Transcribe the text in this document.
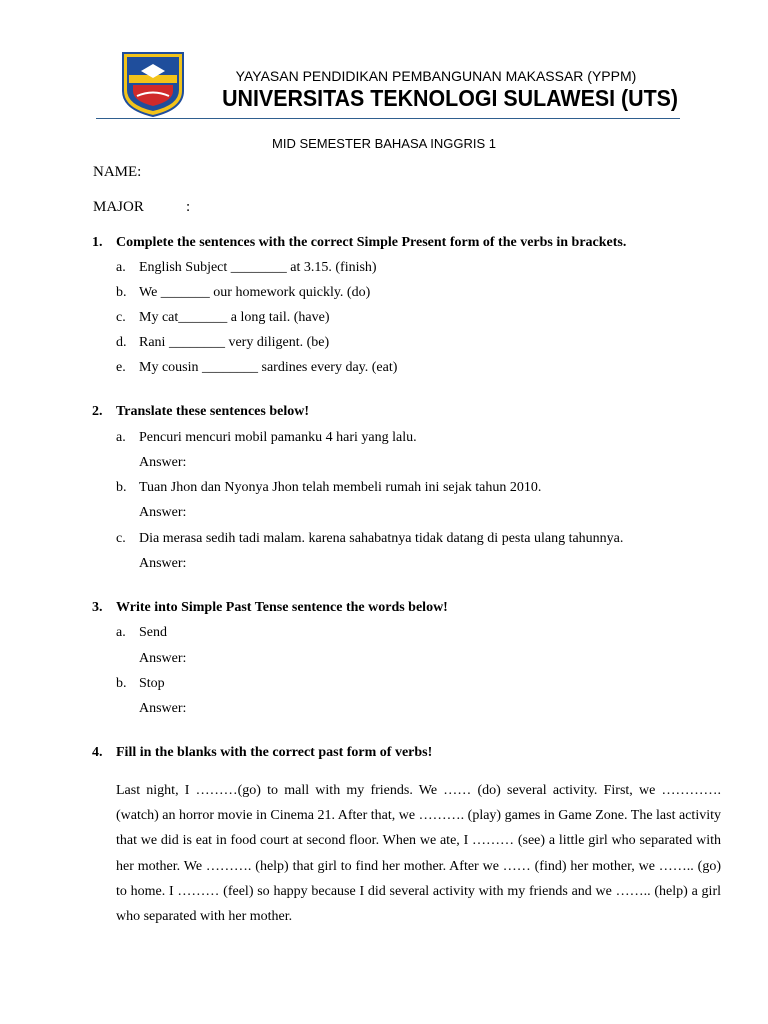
YAYASAN PENDIDIKAN PEMBANGUNAN MAKASSAR (YPPM)
UNIVERSITAS TEKNOLOGI SULAWESI (UTS)
MID SEMESTER BAHASA INGGRIS 1
NAME:
MAJOR	:
1. Complete the sentences with the correct Simple Present form of the verbs in brackets.
a. English Subject ________ at 3.15. (finish)
b. We _______ our homework quickly. (do)
c. My cat_______ a long tail. (have)
d. Rani ________ very diligent. (be)
e. My cousin ________ sardines every day. (eat)
2. Translate these sentences below!
a. Pencuri mencuri mobil pamanku 4 hari yang lalu.
Answer:
b. Tuan Jhon dan Nyonya Jhon telah membeli rumah ini sejak tahun 2010.
Answer:
c. Dia merasa sedih tadi malam. karena sahabatnya tidak datang di pesta ulang tahunnya.
Answer:
3. Write into Simple Past Tense sentence the words below!
a. Send
Answer:
b. Stop
Answer:
4. Fill in the blanks with the correct past form of verbs!
Last night, I ………(go) to mall with my friends. We …… (do) several activity. First, we …………. (watch) an horror movie in Cinema 21. After that, we ………. (play) games in Game Zone. The last activity that we did is eat in food court at second floor. When we ate, I ……… (see) a little girl who separated with her mother. We ………. (help) that girl to find her mother. After we …… (find) her mother, we …….. (go) to home. I ……… (feel) so happy because I did several activity with my friends and we …….. (help) a girl who separated with her mother.
